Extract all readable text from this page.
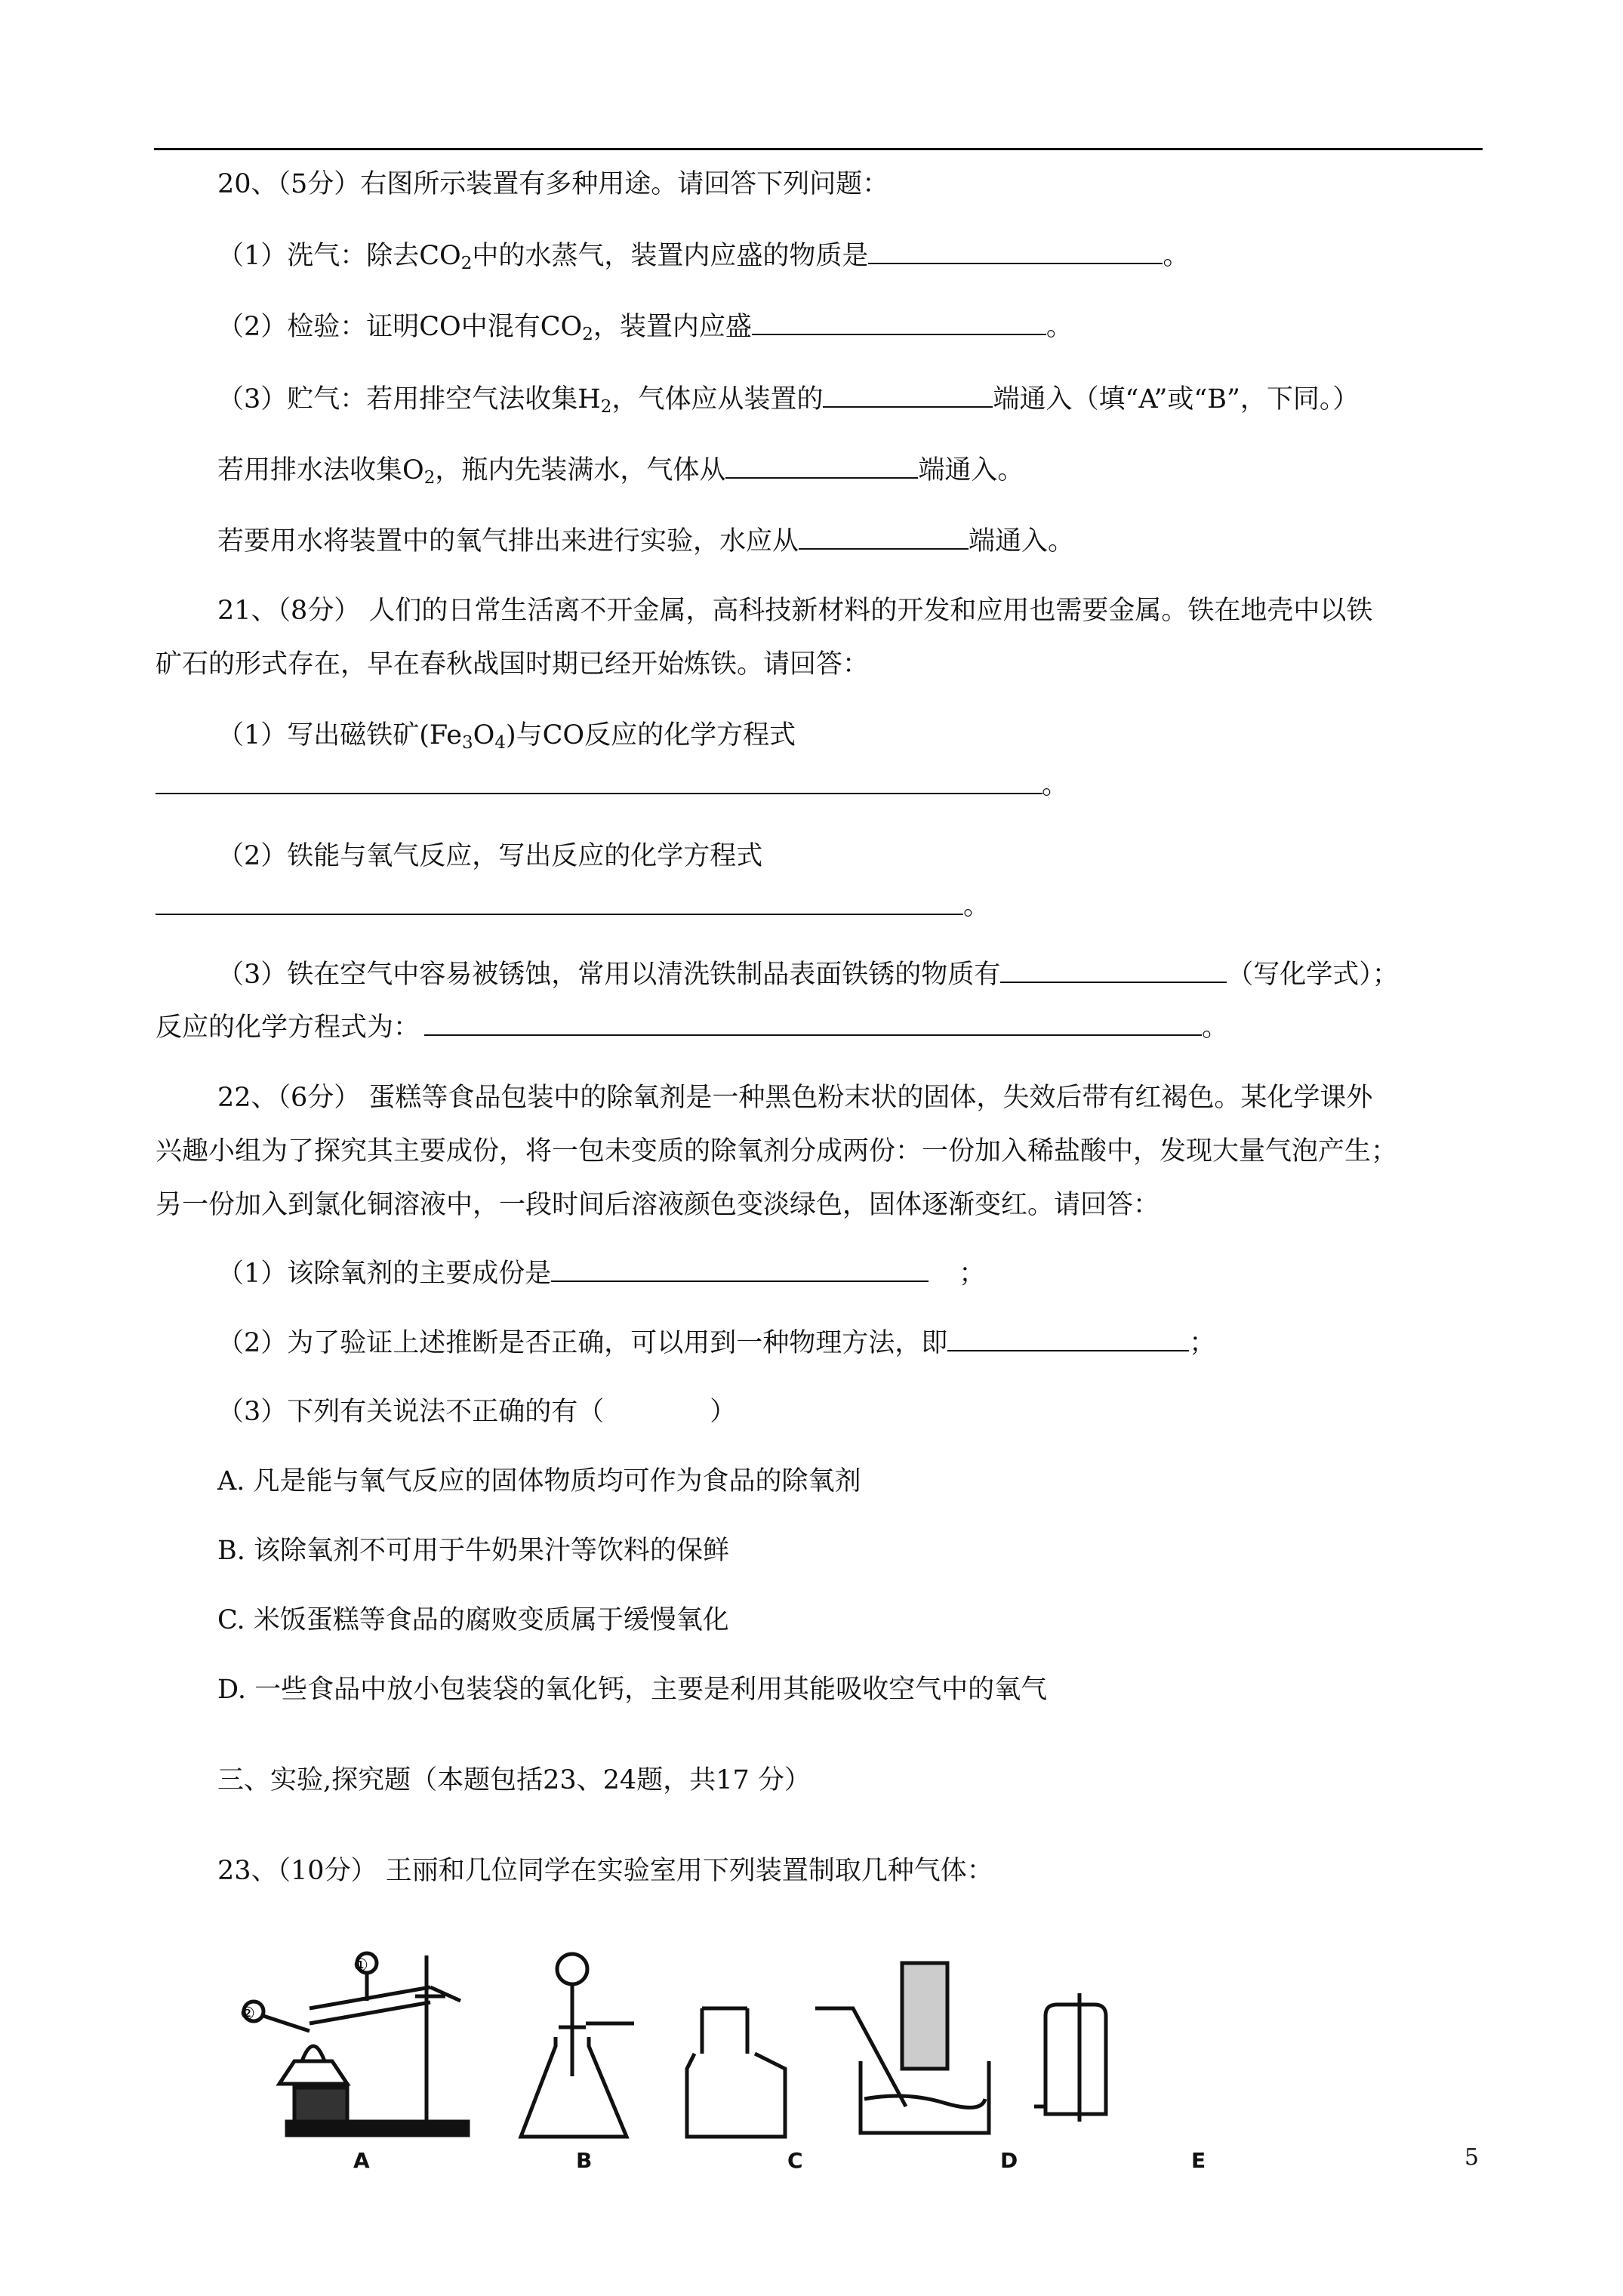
20、（5分）右图所示装置有多种用途。请回答下列问题：
（1）洗气：除去$CO_2$中的水蒸气，装置内应盛的物质是	。
（2）检验：证明CO中混有$CO_2$，装置内应盛	。
（3）贮气：若用排空气法收集$H_2$，气体应从装置的	端通入（填“A”或“B”，下同。）
若用排水法收集$O_2$，瓶内先装满水，气体从	端通入。
若要用水将装置中的氧气排出来进行实验，水应从	端通入。
21、（8分） 人们的日常生活离不开金属，高科技新材料的开发和应用也需要金属。铁在地壳中以铁
矿石的形式存在，早在春秋战国时期已经开始炼铁。请回答：
（1）写出磁铁矿$(Fe_3O_4)$与CO反应的化学方程式
。
（2）铁能与氧气反应，写出反应的化学方程式
。
（3）铁在空气中容易被锈蚀，常用以清洗铁制品表面铁锈的物质有	（写化学式）；
反应的化学方程式为：	。
22、（6分） 蛋糕等食品包装中的除氧剂是一种黑色粉末状的固体，失效后带有红褐色。某化学课外
兴趣小组为了探究其主要成份，将一包未变质的除氧剂分成两份：一份加入稀盐酸中，发现大量气泡产生；
另一份加入到氯化铜溶液中，一段时间后溶液颜色变淡绿色，固体逐渐变红。请回答：
（1）该除氧剂的主要成份是	；
（2）为了验证上述推断是否正确，可以用到一种物理方法，即	；
（3）下列有关说法不正确的有（　　　　）
A. 凡是能与氧气反应的固体物质均可作为食品的除氧剂
B. 该除氧剂不可用于牛奶果汁等饮料的保鲜
C. 米饭蛋糕等食品的腐败变质属于缓慢氧化
D. 一些食品中放小包装袋的氧化钙，主要是利用其能吸收空气中的氧气
三、实验,探究题（本题包括23、24题，共17 分）
23、（10分） 王丽和几位同学在实验室用下列装置制取几种气体：
①
②
A	B	C	D	E	5
